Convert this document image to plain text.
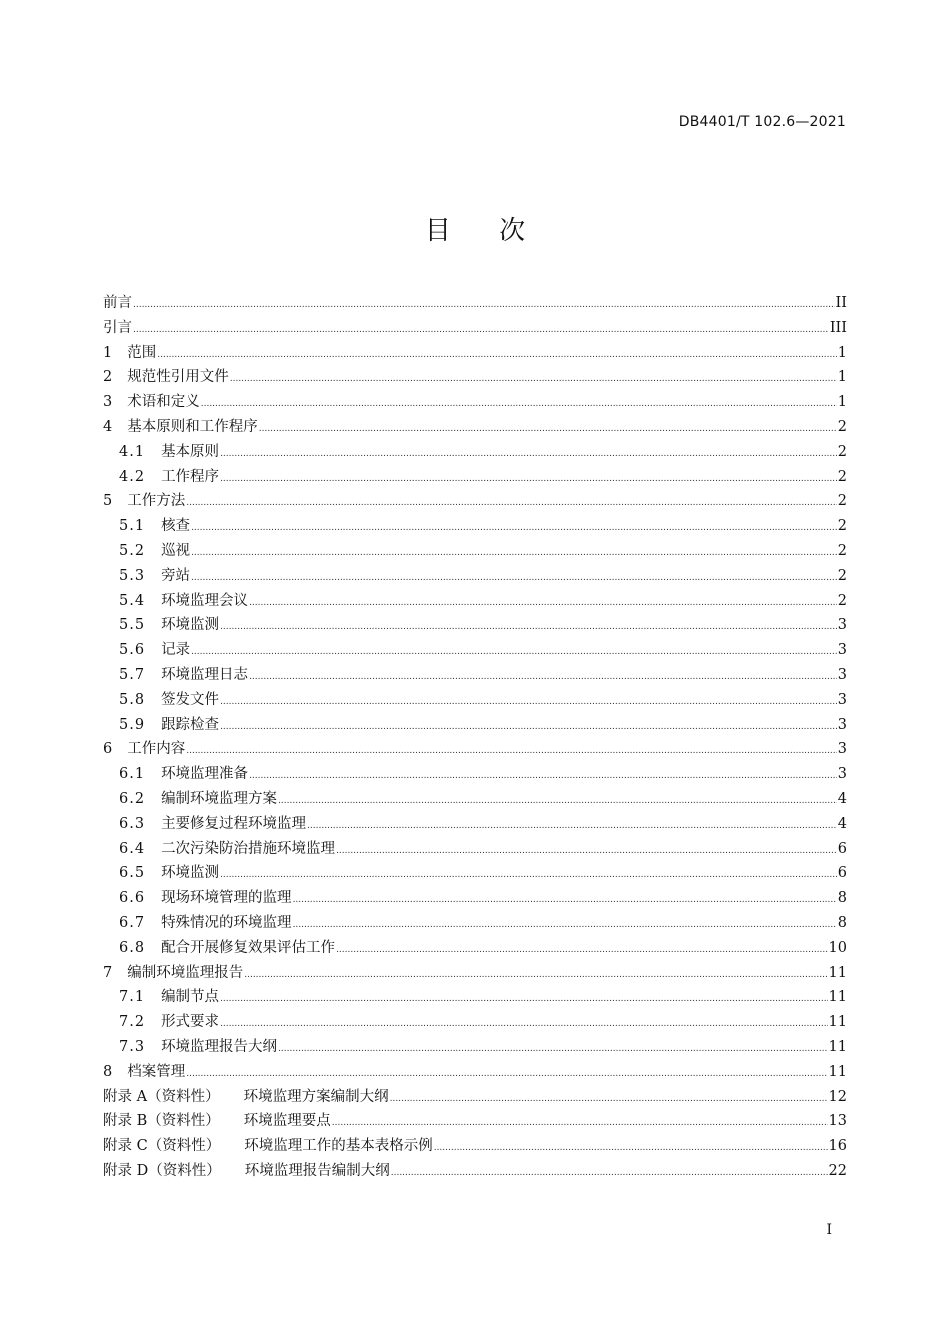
DB4401/T 102.6—2021
目 次
前言 .....	II
引言 .....	III
1 范围 .....	1
2 规范性引用文件 .....	1
3 术语和定义 .....	1
4 基本原则和工作程序 .....	2
4.1 基本原则 .....	2
4.2 工作程序 .....	2
5 工作方法 .....	2
5.1 核查 .....	2
5.2 巡视 .....	2
5.3 旁站 .....	2
5.4 环境监理会议 .....	2
5.5 环境监测 .....	3
5.6 记录 .....	3
5.7 环境监理日志 .....	3
5.8 签发文件 .....	3
5.9 跟踪检查 .....	3
6 工作内容 .....	3
6.1 环境监理准备 .....	3
6.2 编制环境监理方案 .....	4
6.3 主要修复过程环境监理 .....	4
6.4 二次污染防治措施环境监理 .....	6
6.5 环境监测 .....	6
6.6 现场环境管理的监理 .....	8
6.7 特殊情况的环境监理 .....	8
6.8 配合开展修复效果评估工作 .....	10
7 编制环境监理报告 .....	11
7.1 编制节点 .....	11
7.2 形式要求 .....	11
7.3 环境监理报告大纲 .....	11
8 档案管理 .....	11
附录 A（资料性） 环境监理方案编制大纲 .....	12
附录 B（资料性） 环境监理要点 .....	13
附录 C（资料性） 环境监理工作的基本表格示例 .....	16
附录 D（资料性） 环境监理报告编制大纲 .....	22
I
